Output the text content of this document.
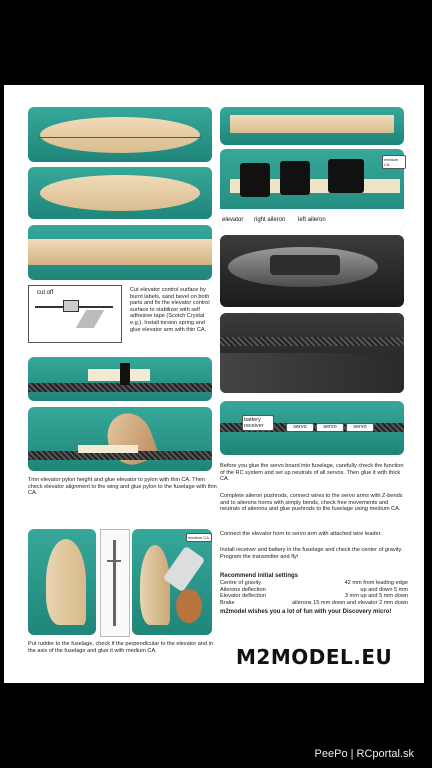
cut off	Cut elevator control surface by burnt labels, sand bevel on both parts and fix the elevator control surface to stabilizer with self adhesive tape (Scotch Crystal e.g.). Install torsion spring and glue elevator arm with thin CA.
Trim elevator pylon height and glue elevator to pylon with thin CA. Then check elevator alignment to the wing and glue pylon to the fuselage with thin CA.
medium CA
Put rudder to the fuselage, check if the perpendicular to the elevator and in the axis of the fuselage and glue it with medium CA.
elevator right aileron left aileron
medium CA
battery receiver	servo	servo	servo
Before you glue the servo board into fuselage, carefully check the function of the RC system and set up neutrals of all servos. Then glue it with thick CA.
Complete aileron pushrods, connect wires to the servo arms with Z-bends and to ailerons horns with simply bends, check free movements and neutrals of ailerons and glue pushrods to the fuselage using medium CA.
Connect the elevator horn to servo arm with attached wire leader.
Install receiver and battery in the fuselage and check the center of gravity. Program the transmitter and fly!
Recommend initial settings
Centre of gravity	42 mm from leading edge
Ailerons deflection	up and down 5 mm
Elevator deflection	3 mm up and 5 mm down
Brake	ailerons 15 mm down and elevator 2 mm down
m2model wishes you a lot of fun with your Discovery micro!
M2MODEL.EU
PeePo | RCportal.sk
